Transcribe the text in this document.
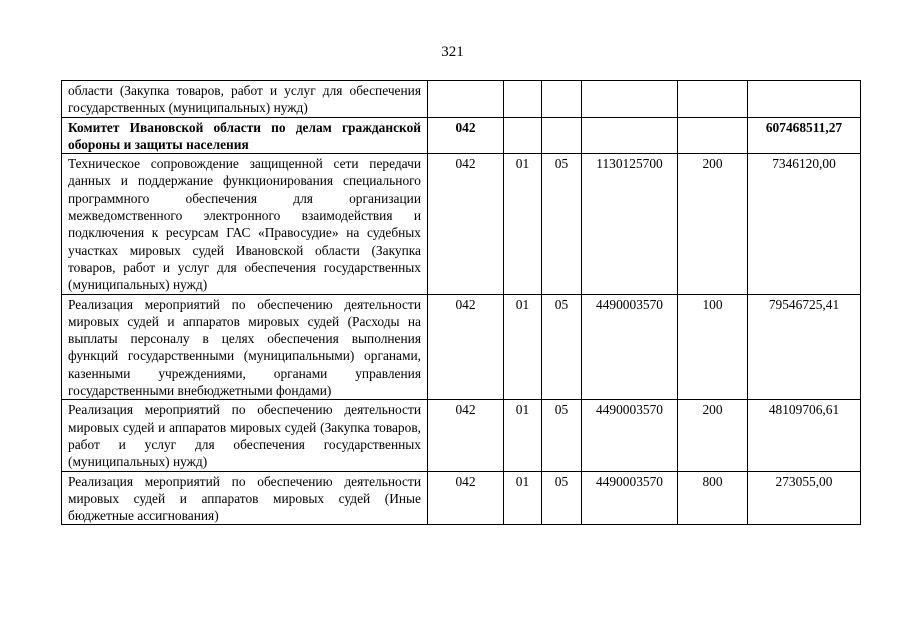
321
области (Закупка товаров, работ и услуг для обеспечения государственных (муниципальных) нужд)						
Комитет Ивановской области по делам гражданской обороны и защиты населения	042					607468511,27
Техническое сопровождение защищенной сети передачи данных и поддержание функционирования специального программного обеспечения для организации межведомственного электронного взаимодействия и подключения к ресурсам ГАС «Правосудие» на судебных участках мировых судей Ивановской области (Закупка товаров, работ и услуг для обеспечения государственных (муниципальных) нужд)	042	01	05	1130125700	200	7346120,00
Реализация мероприятий по обеспечению деятельности мировых судей и аппаратов мировых судей (Расходы на выплаты персоналу в целях обеспечения выполнения функций государственными (муниципальными) органами, казенными учреждениями, органами управления государственными внебюджетными фондами)	042	01	05	4490003570	100	79546725,41
Реализация мероприятий по обеспечению деятельности мировых судей и аппаратов мировых судей (Закупка товаров, работ и услуг для обеспечения государственных (муниципальных) нужд)	042	01	05	4490003570	200	48109706,61
Реализация мероприятий по обеспечению деятельности мировых судей и аппаратов мировых судей (Иные бюджетные ассигнования)	042	01	05	4490003570	800	273055,00
